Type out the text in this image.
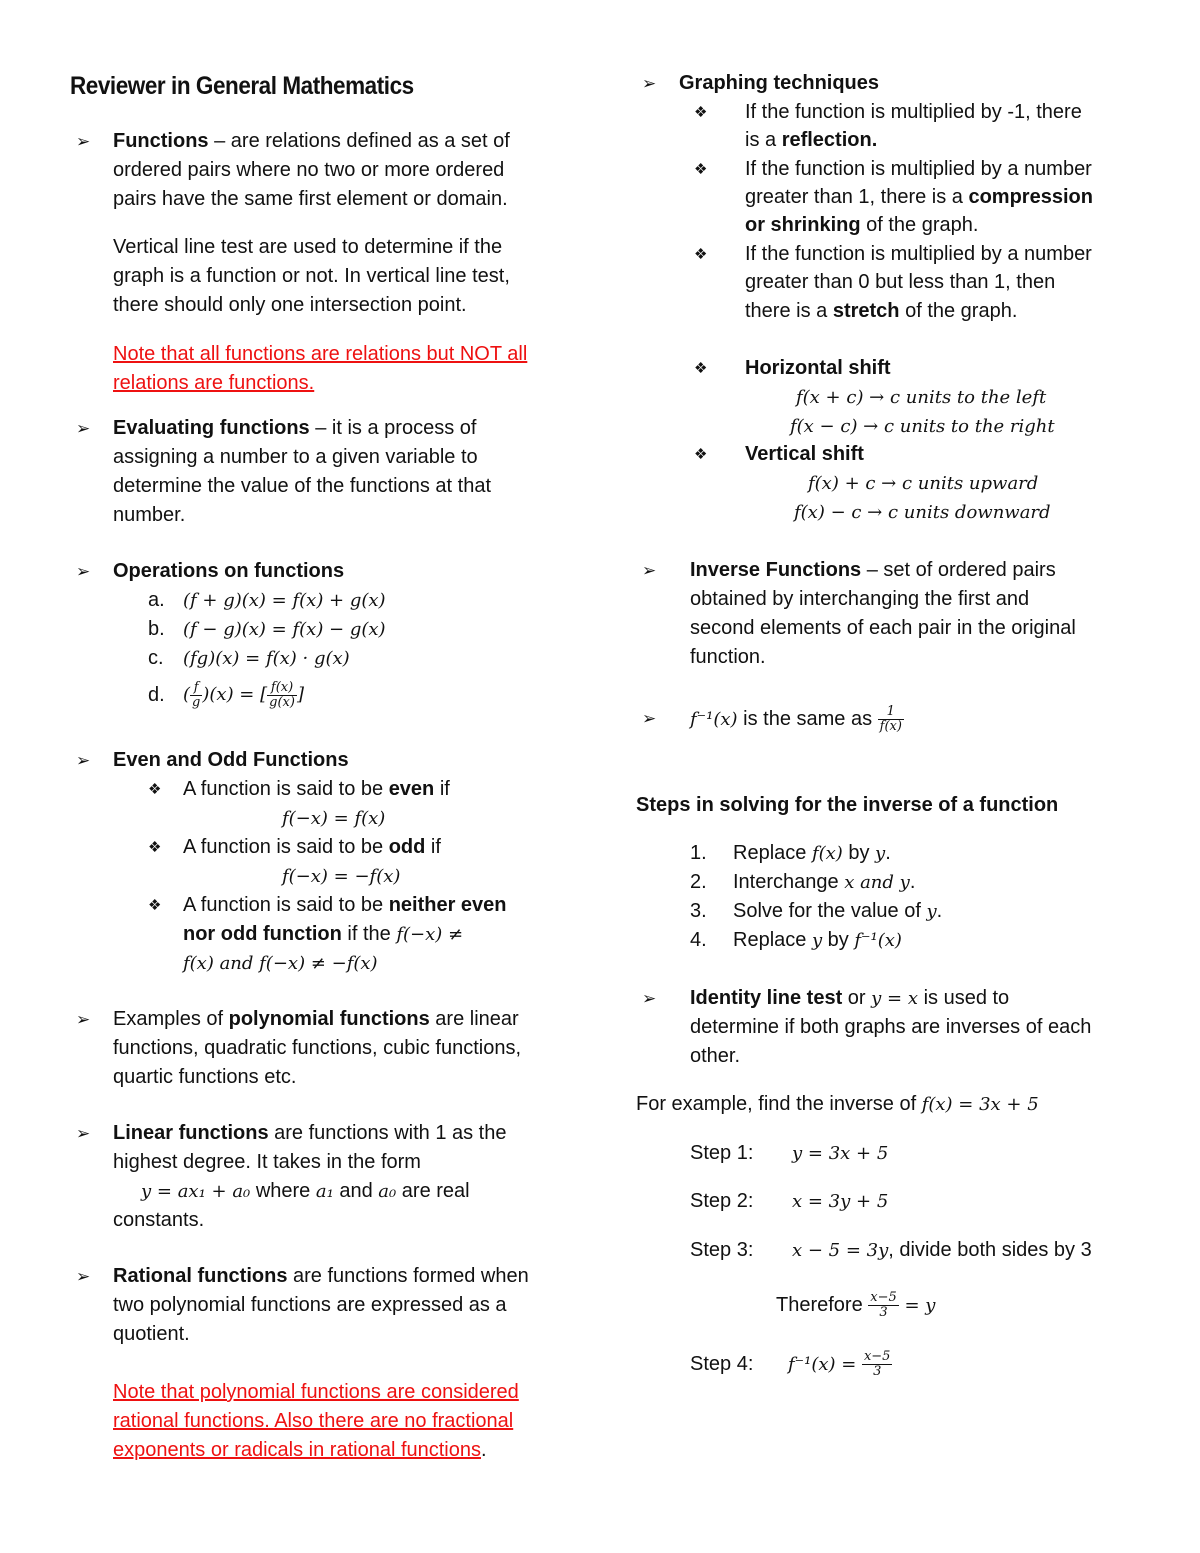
Reviewer in General Mathematics
➢ Functions – are relations defined as a set of
ordered pairs where no two or more ordered
pairs have the same first element or domain.
Vertical line test are used to determine if the
graph is a function or not. In vertical line test,
there should only one intersection point.
Note that all functions are relations but NOT all
relations are functions.
➢ Evaluating functions – it is a process of
assigning a number to a given variable to
determine the value of the functions at that
number.
➢ Operations on functions
a. (f + g)(x) = f(x) + g(x)
b. (f − g)(x) = f(x) − g(x)
c. (fg)(x) = f(x) · g(x)
d. ( $\frac{f}{g} )(x)$ = [ $\frac{f(x)}{g(x)}$ ]
➢ Even and Odd Functions
❖ A function is said to be even if
f(−x) = f(x)
❖ A function is said to be odd if
f(−x) = −f(x)
❖ A function is said to be neither even
nor odd function if the f(−x) ≠
f(x) and f(−x) ≠ −f(x)
➢ Examples of polynomial functions are linear
functions, quadratic functions, cubic functions,
quartic functions etc.
➢ Linear functions are functions with 1 as the
highest degree. It takes in the form
y = ax₁ + a₀ where a₁ and a₀ are real
constants.
➢ Rational functions are functions formed when
two polynomial functions are expressed as a
quotient.
Note that polynomial functions are considered
rational functions. Also there are no fractional
exponents or radicals in rational functions.
➢ Graphing techniques
❖ If the function is multiplied by -1, there
is a reflection.
❖ If the function is multiplied by a number
greater than 1, there is a compression
or shrinking of the graph.
❖ If the function is multiplied by a number
greater than 0 but less than 1, then
there is a stretch of the graph.
❖ Horizontal shift
f(x + c) → c units to the left
f(x − c) → c units to the right
❖ Vertical shift
f(x) + c → c units upward
f(x) − c → c units downward
➢ Inverse Functions – set of ordered pairs
obtained by interchanging the first and
second elements of each pair in the original
function.
➢ f⁻¹(x) is the same as $\frac{1}{f(x)}$
Steps in solving for the inverse of a function
1. Replace f(x) by y.
2. Interchange x and y.
3. Solve for the value of y.
4. Replace y by f⁻¹(x)
➢ Identity line test or y = x is used to
determine if both graphs are inverses of each
other.
For example, find the inverse of f(x) = 3x + 5
Step 1: y = 3x + 5
Step 2: x = 3y + 5
Step 3: x − 5 = 3y, divide both sides by 3
Therefore $\frac{x-5}{3} = y$
Step 4: $f^{-1}(x) = \frac{x-5}{3}$
